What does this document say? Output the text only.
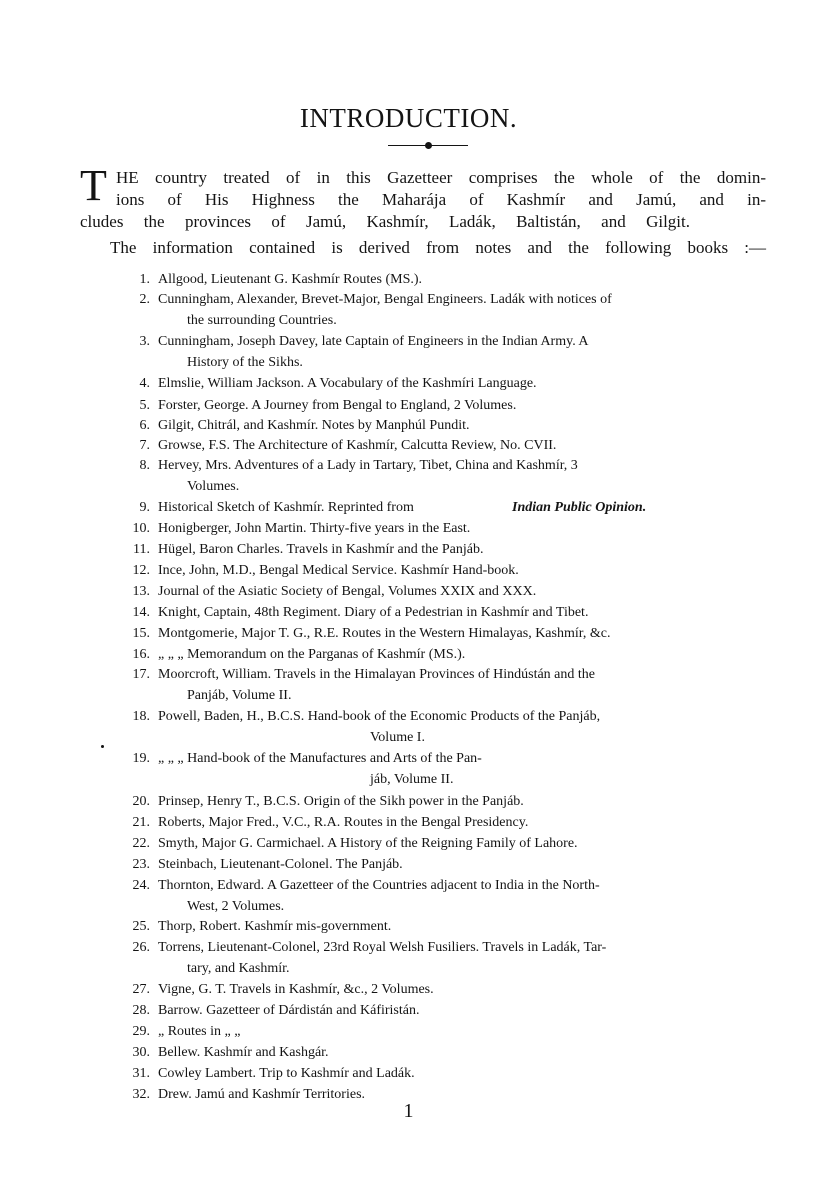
INTRODUCTION.
T HE country treated of in this Gazetteer comprises the whole of the domin-
ions of His Highness the Maharája of Kashmír and Jamú, and in-
cludes the provinces of Jamú, Kashmír, Ladák, Baltistán, and Gilgit.
The information contained is derived from notes and the following books :—
1. Allgood, Lieutenant G. Kashmír Routes (MS.).
2. Cunningham, Alexander, Brevet-Major, Bengal Engineers. Ladák with notices of
the surrounding Countries.
3. Cunningham, Joseph Davey, late Captain of Engineers in the Indian Army. A
History of the Sikhs.
4. Elmslie, William Jackson. A Vocabulary of the Kashmíri Language.
5. Forster, George. A Journey from Bengal to England, 2 Volumes.
6. Gilgit, Chitrál, and Kashmír. Notes by Manphúl Pundit.
7. Growse, F.S. The Architecture of Kashmír, Calcutta Review, No. CVII.
8. Hervey, Mrs. Adventures of a Lady in Tartary, Tibet, China and Kashmír, 3
Volumes.
9. Historical Sketch of Kashmír. Reprinted from	Indian Public Opinion.
10. Honigberger, John Martin. Thirty-five years in the East.
11. Hügel, Baron Charles. Travels in Kashmír and the Panjáb.
12. Ince, John, M.D., Bengal Medical Service. Kashmír Hand-book.
13. Journal of the Asiatic Society of Bengal, Volumes XXIX and XXX.
14. Knight, Captain, 48th Regiment. Diary of a Pedestrian in Kashmír and Tibet.
15. Montgomerie, Major T. G., R.E. Routes in the Western Himalayas, Kashmír, &c.
16. „ „ „ Memorandum on the Parganas of Kashmír (MS.).
17. Moorcroft, William. Travels in the Himalayan Provinces of Hindústán and the
Panjáb, Volume II.
18. Powell, Baden, H., B.C.S. Hand-book of the Economic Products of the Panjáb,
Volume I.
19. „ „ „ Hand-book of the Manufactures and Arts of the Pan-
jáb, Volume II.
20. Prinsep, Henry T., B.C.S. Origin of the Sikh power in the Panjáb.
21. Roberts, Major Fred., V.C., R.A. Routes in the Bengal Presidency.
22. Smyth, Major G. Carmichael. A History of the Reigning Family of Lahore.
23. Steinbach, Lieutenant-Colonel. The Panjáb.
24. Thornton, Edward. A Gazetteer of the Countries adjacent to India in the North-
West, 2 Volumes.
25. Thorp, Robert. Kashmír mis-government.
26. Torrens, Lieutenant-Colonel, 23rd Royal Welsh Fusiliers. Travels in Ladák, Tar-
tary, and Kashmír.
27. Vigne, G. T. Travels in Kashmír, &c., 2 Volumes.
28. Barrow. Gazetteer of Dárdistán and Káfiristán.
29. „ Routes in „ „
30. Bellew. Kashmír and Kashgár.
31. Cowley Lambert. Trip to Kashmír and Ladák.
32. Drew. Jamú and Kashmír Territories.
1
